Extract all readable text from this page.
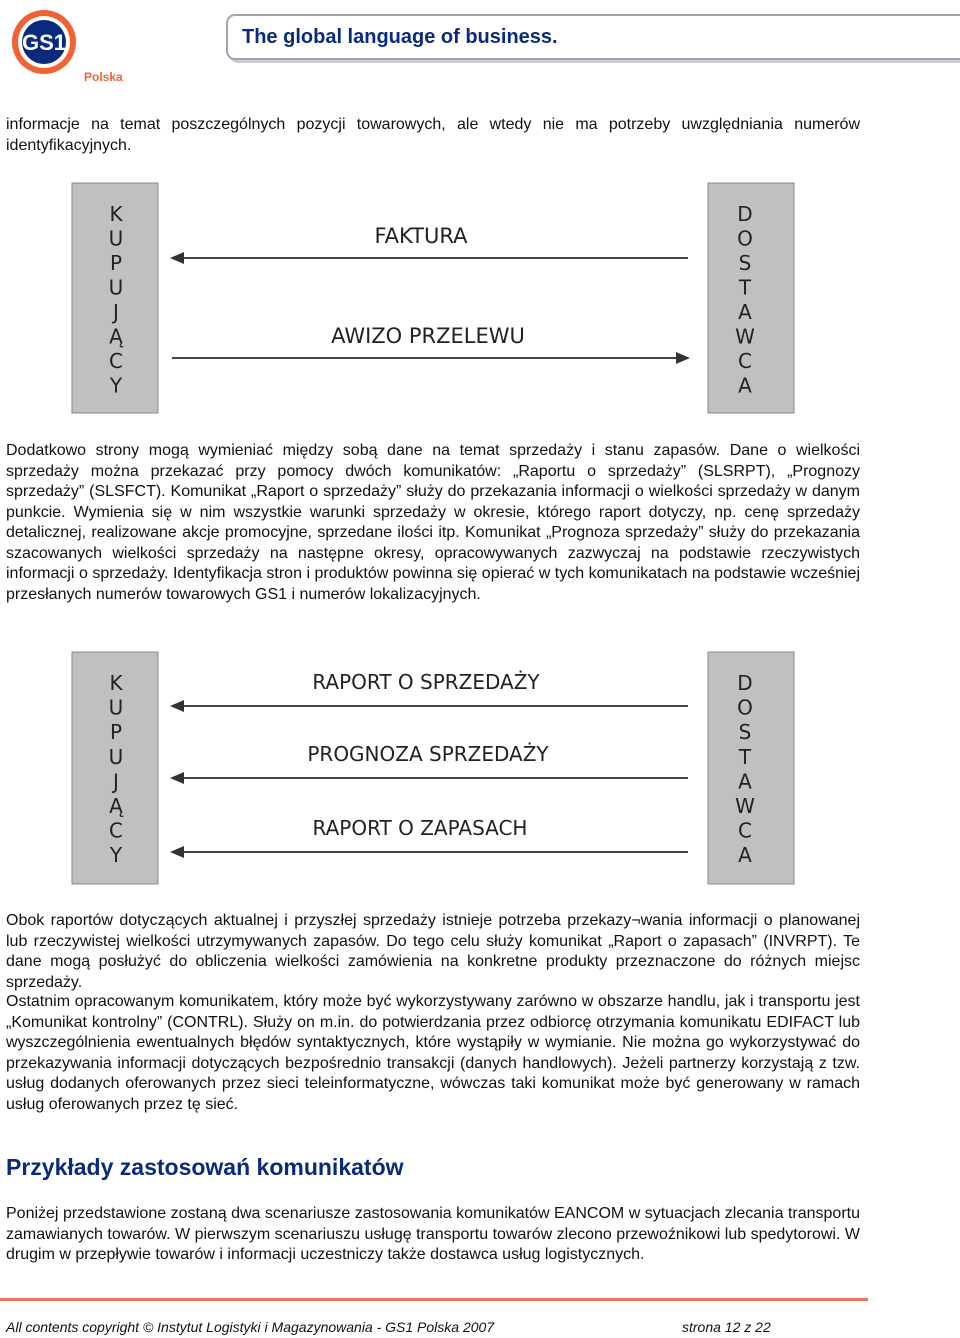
GS1
Polska
The global language of business.
informacje na temat poszczególnych pozycji towarowych, ale wtedy nie ma potrzeby uwzględniania numerów identyfikacyjnych.
K
U
P
U
J
Ą
C
Y
D
O
S
T
A
W
C
A
FAKTURA
AWIZO PRZELEWU
Dodatkowo strony mogą wymieniać między sobą dane na temat sprzedaży i stanu zapasów. Dane o wielkości sprzedaży można przekazać przy pomocy dwóch komunikatów: „Raportu o sprzedaży” (SLSRPT), „Prognozy sprzedaży” (SLSFCT). Komunikat „Raport o sprzedaży” służy do przekazania informacji o wielkości sprzedaży w danym punkcie. Wymienia się w nim wszystkie warunki sprzedaży w okresie, którego raport dotyczy, np. cenę sprzedaży detalicznej, realizowane akcje promocyjne, sprzedane ilości itp. Komunikat „Prognoza sprzedaży” służy do przekazania szacowanych wielkości sprzedaży na następne okresy, opracowywanych zazwyczaj na podstawie rzeczywistych informacji o sprzedaży. Identyfikacja stron i produktów powinna się opierać w tych komunikatach na podstawie wcześniej przesłanych numerów towarowych GS1 i numerów lokalizacyjnych.
K
U
P
U
J
Ą
C
Y
D
O
S
T
A
W
C
A
RAPORT O SPRZEDAŻY
PROGNOZA SPRZEDAŻY
RAPORT O ZAPASACH
Obok raportów dotyczących aktualnej i przyszłej sprzedaży istnieje potrzeba przekazy¬wania informacji o planowanej lub rzeczywistej wielkości utrzymywanych zapasów. Do tego celu służy komunikat „Raport o zapasach” (INVRPT). Te dane mogą posłużyć do obliczenia wielkości zamówienia na konkretne produkty przeznaczone do różnych miejsc sprzedaży.
Ostatnim opracowanym komunikatem, który może być wykorzystywany zarówno w obszarze handlu, jak i transportu jest „Komunikat kontrolny” (CONTRL). Służy on m.in. do potwierdzania przez odbiorcę otrzymania komunikatu EDIFACT lub wyszczególnienia ewentualnych błędów syntaktycznych, które wystąpiły w wymianie. Nie można go wykorzystywać do przekazywania informacji dotyczących bezpośrednio transakcji (danych handlowych). Jeżeli partnerzy korzystają z tzw. usług dodanych oferowanych przez sieci teleinformatyczne, wówczas taki komunikat może być generowany w ramach usług oferowanych przez tę sieć.
Przykłady zastosowań komunikatów
Poniżej przedstawione zostaną dwa scenariusze zastosowania komunikatów EANCOM w sytuacjach zlecania transportu zamawianych towarów. W pierwszym scenariuszu usługę transportu towarów zlecono przewoźnikowi lub spedytorowi. W drugim w przepływie towarów i informacji uczestniczy także dostawca usług logistycznych.
All contents copyright © Instytut Logistyki i Magazynowania - GS1 Polska 2007	strona 12 z 22
